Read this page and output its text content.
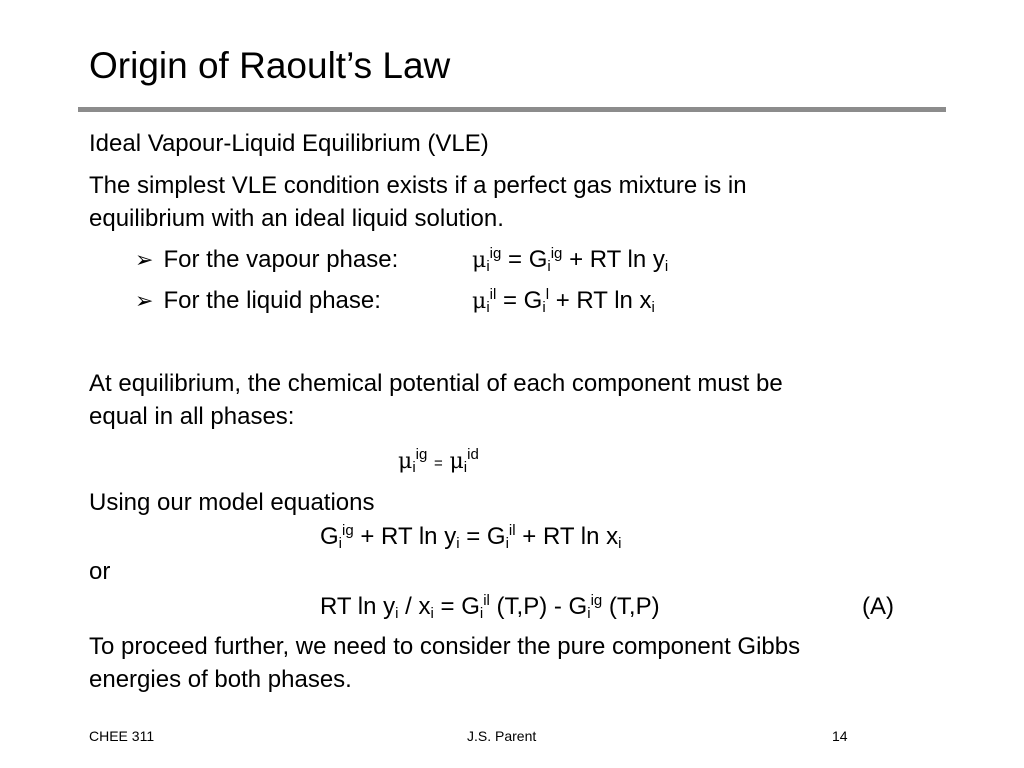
Origin of Raoult’s Law
Ideal Vapour-Liquid Equilibrium (VLE)
The simplest VLE condition exists if a perfect gas mixture is in
equilibrium with an ideal liquid solution.
➢ For the vapour phase:	$\mu_i^{ig} = G_i^{ig}$ + RT $\ln y_i$
➢ For the liquid phase:	$\mu_i^{il} = G_i^l$ + RT $\ln x_i$
At equilibrium, the chemical potential of each component must be
equal in all phases:
$\mu_i^{ig} = \mu_i^{id}$
Using our model equations
$G_i^{ig}$ + RT $\ln y_i = G_i^{il}$ + RT $\ln x_i$
or
RT $\ln y_i / x_i = G_i^{il}$ $(T,P) - G_i^{ig}$ (T,P)	(A)
To proceed further, we need to consider the pure component Gibbs
energies of both phases.
CHEE 311	J.S. Parent	14
